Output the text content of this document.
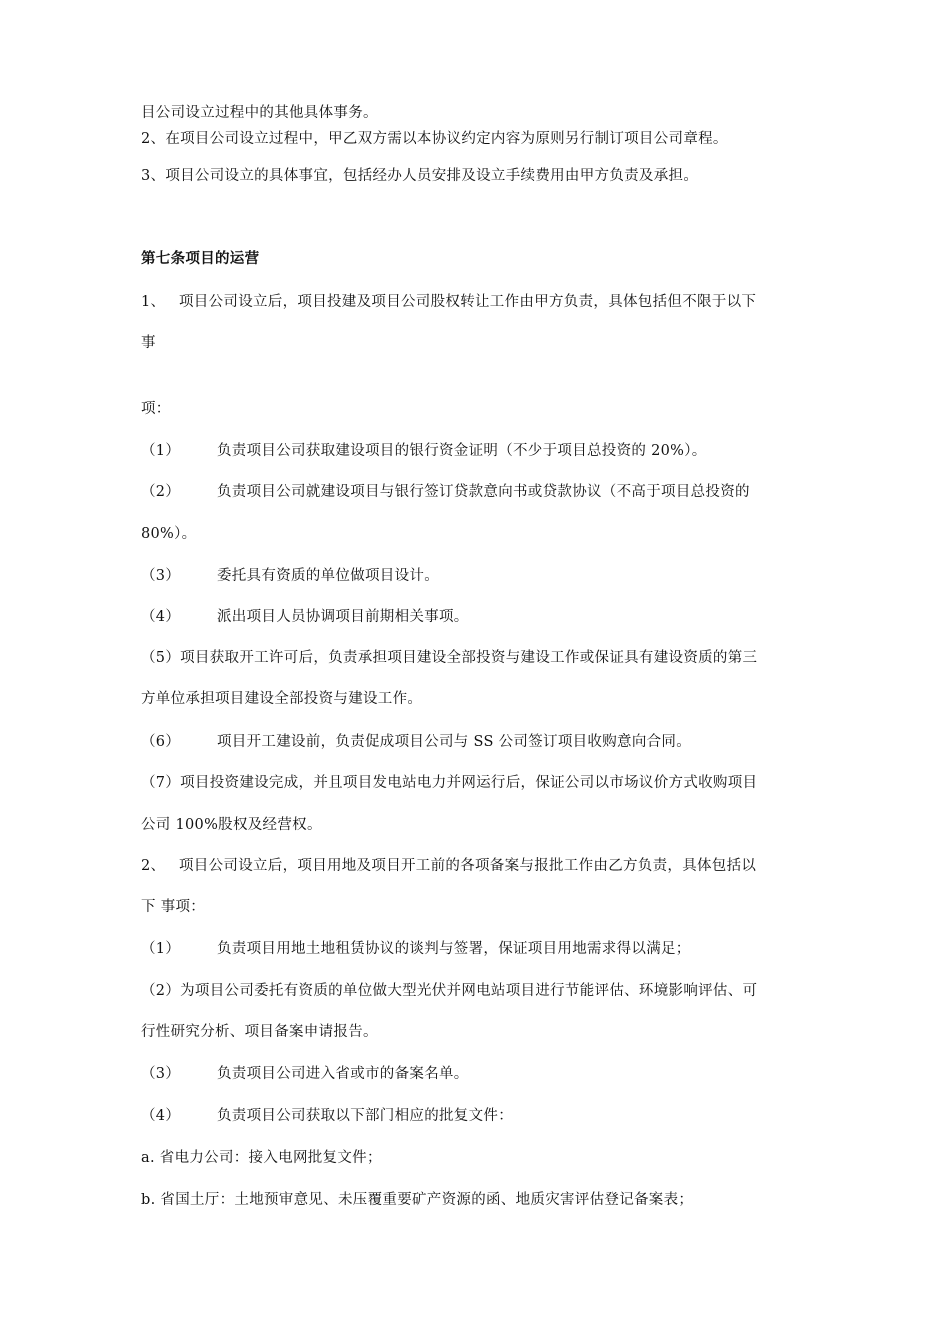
目公司设立过程中的其他具体事务。
2、在项目公司设立过程中，甲乙双方需以本协议约定内容为原则另行制订项目公司章程。
3、项目公司设立的具体事宜，包括经办人员安排及设立手续费用由甲方负责及承担。
第七条项目的运营
1、 项目公司设立后，项目投建及项目公司股权转让工作由甲方负责，具体包括但不限于以下
事
项：
（1）	负责项目公司获取建设项目的银行资金证明（不少于项目总投资的 20%）。
（2）	负责项目公司就建设项目与银行签订贷款意向书或贷款协议（不高于项目总投资的
80%）。
（3）	委托具有资质的单位做项目设计。
（4）	派出项目人员协调项目前期相关事项。
（5）项目获取开工许可后，负责承担项目建设全部投资与建设工作或保证具有建设资质的第三
方单位承担项目建设全部投资与建设工作。
（6）	项目开工建设前，负责促成项目公司与 SS 公司签订项目收购意向合同。
（7）项目投资建设完成，并且项目发电站电力并网运行后，保证公司以市场议价方式收购项目
公司 100%股权及经营权。
2、 项目公司设立后，项目用地及项目开工前的各项备案与报批工作由乙方负责，具体包括以
下 事项：
（1）	负责项目用地土地租赁协议的谈判与签署，保证项目用地需求得以满足；
（2）为项目公司委托有资质的单位做大型光伏并网电站项目进行节能评估、环境影响评估、可
行性研究分析、项目备案申请报告。
（3）	负责项目公司进入省或市的备案名单。
（4）	负责项目公司获取以下部门相应的批复文件：
a. 省电力公司：接入电网批复文件；
b. 省国土厅：土地预审意见、未压覆重要矿产资源的函、地质灾害评估登记备案表；
